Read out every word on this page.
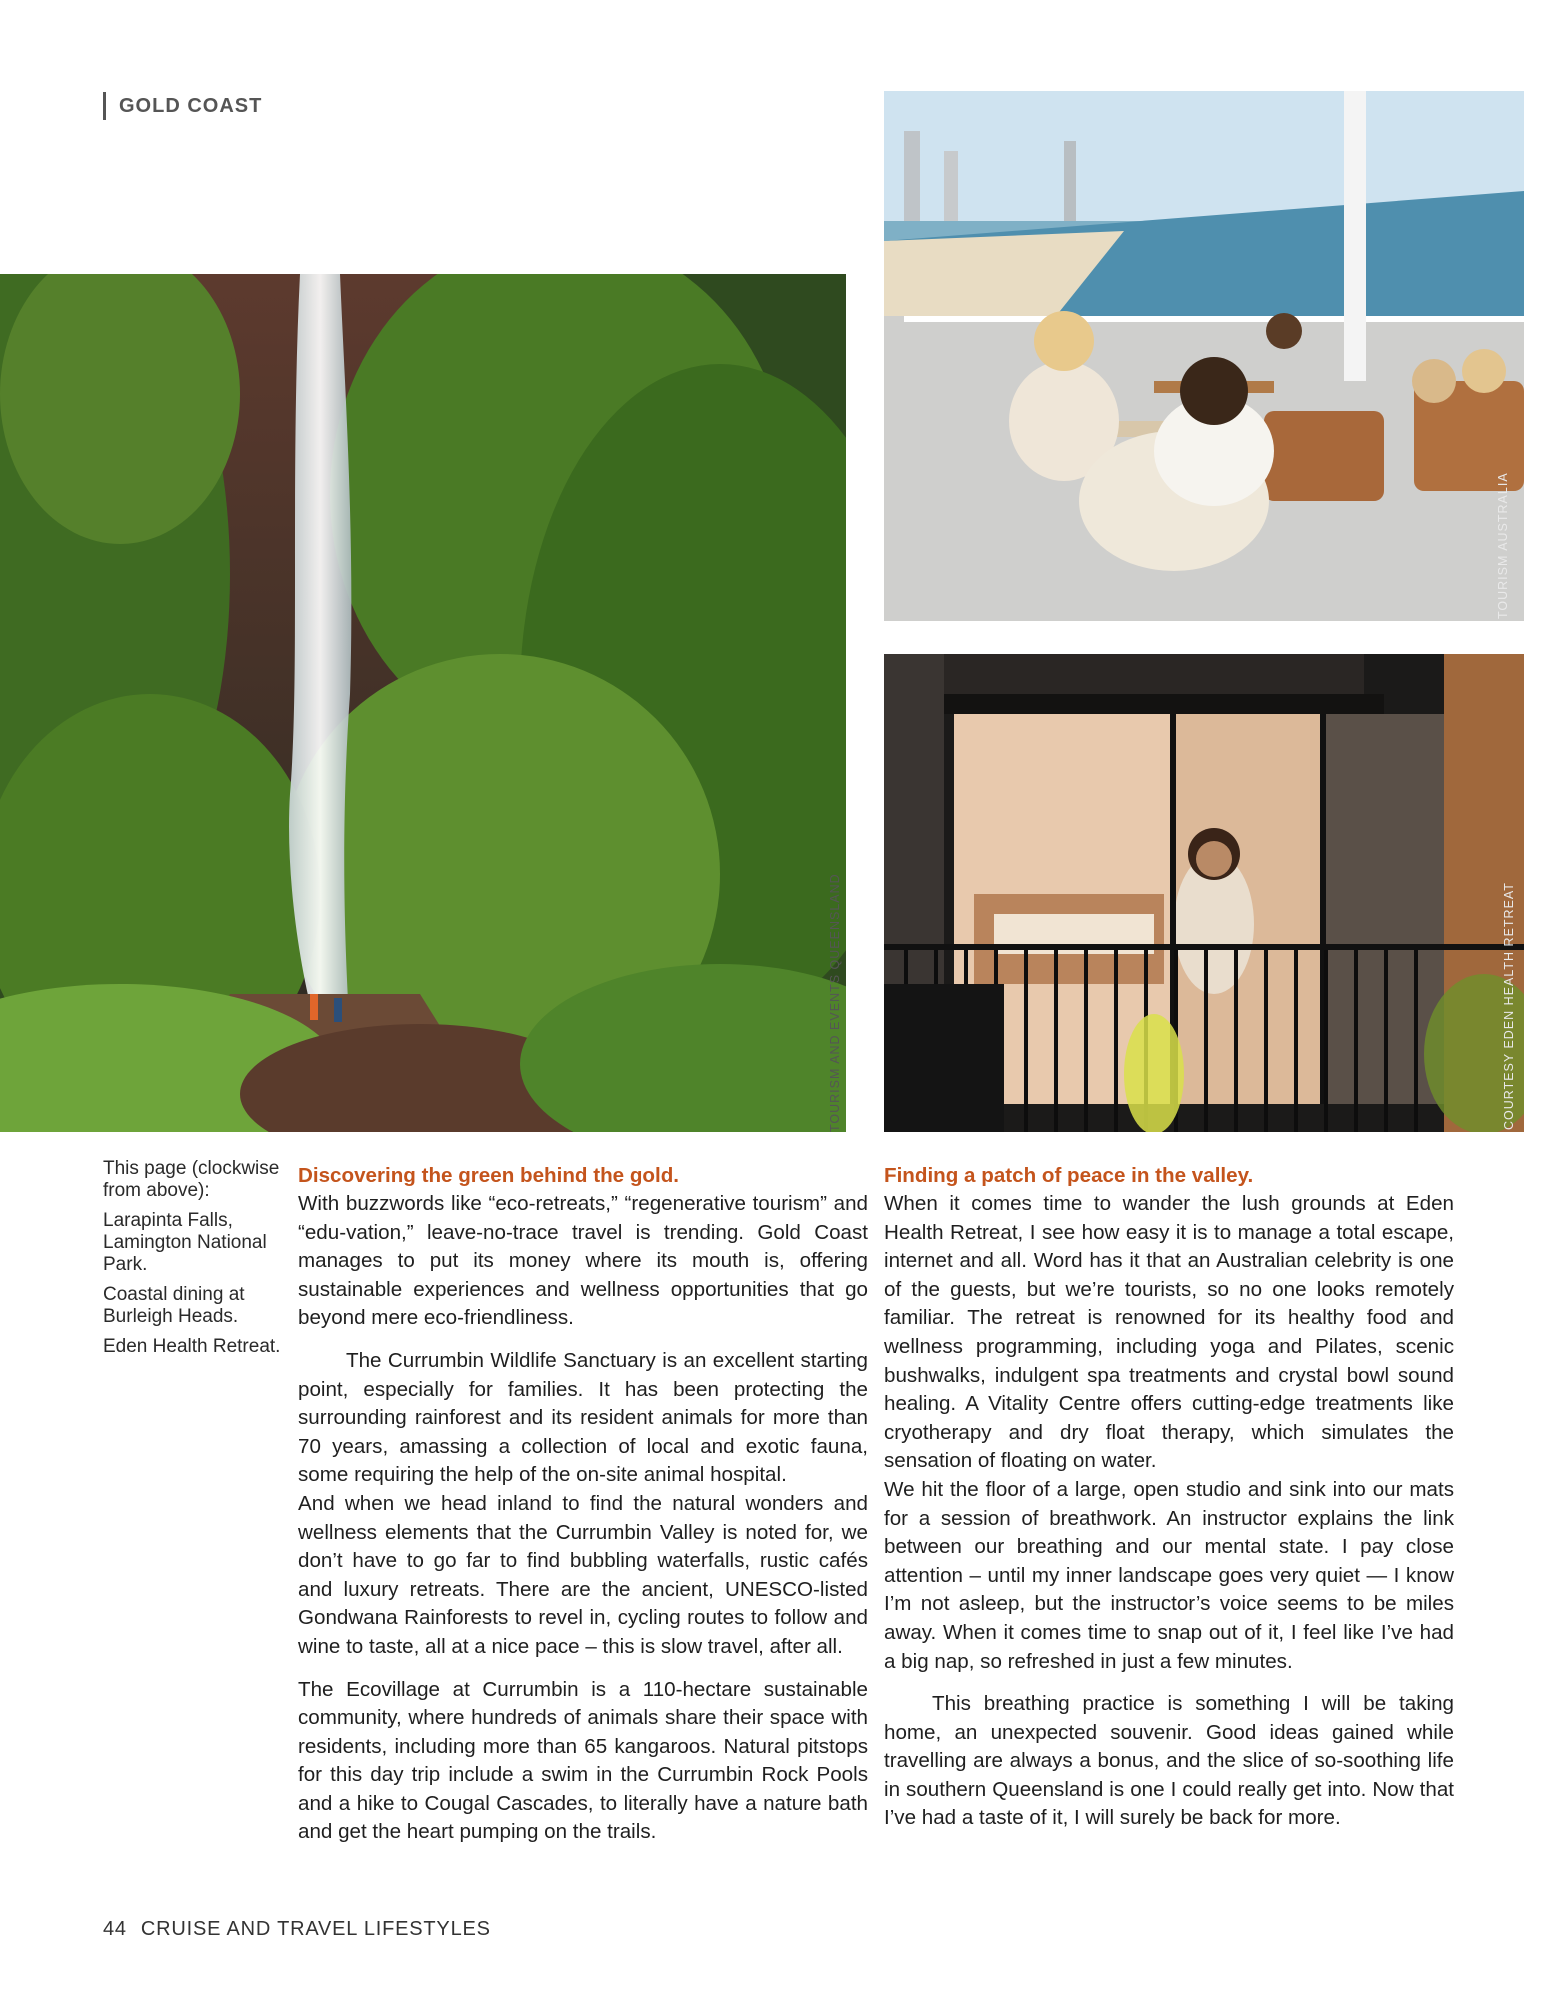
GOLD COAST
TOURISM AND EVENTS QUEENSLAND
TOURISM AUSTRALIA
COURTESY EDEN HEALTH RETREAT

This page (clockwise from above):

Larapinta Falls, Lamington National Park.

Coastal dining at Burleigh Heads.

Eden Health Retreat.

Discovering the green behind the gold.

With buzzwords like “eco-retreats,” “regenerative tourism” and “edu-vation,” leave-no-trace travel is trending. Gold Coast manages to put its money where its mouth is, offering sustainable experiences and wellness opportunities that go beyond mere eco-friendliness.

The Currumbin Wildlife Sanctuary is an excellent starting point, especially for families. It has been protecting the surrounding rainforest and its resident animals for more than 70 years, amassing a collection of local and exotic fauna, some requiring the help of the on-site animal hospital.

And when we head inland to find the natural wonders and wellness elements that the Currumbin Valley is noted for, we don’t have to go far to find bubbling waterfalls, rustic cafés and luxury retreats. There are the ancient, UNESCO-listed Gondwana Rainforests to revel in, cycling routes to follow and wine to taste, all at a nice pace – this is slow travel, after all.

The Ecovillage at Currumbin is a 110-hectare sustainable community, where hundreds of animals share their space with residents, including more than 65 kangaroos. Natural pitstops for this day trip include a swim in the Currumbin Rock Pools and a hike to Cougal Cascades, to literally have a nature bath and get the heart pumping on the trails.

Finding a patch of peace in the valley.

When it comes time to wander the lush grounds at Eden Health Retreat, I see how easy it is to manage a total escape, internet and all. Word has it that an Australian celebrity is one of the guests, but we’re tourists, so no one looks remotely familiar. The retreat is renowned for its healthy food and wellness programming, including yoga and Pilates, scenic bushwalks, indulgent spa treatments and crystal bowl sound healing. A Vitality Centre offers cutting-edge treatments like cryotherapy and dry float therapy, which simulates the sensation of floating on water.

We hit the floor of a large, open studio and sink into our mats for a session of breathwork. An instructor explains the link between our breathing and our mental state. I pay close attention – until my inner landscape goes very quiet — I know I’m not asleep, but the instructor’s voice seems to be miles away. When it comes time to snap out of it, I feel like I’ve had a big nap, so refreshed in just a few minutes.

This breathing practice is something I will be taking home, an unexpected souvenir. Good ideas gained while travelling are always a bonus, and the slice of so-soothing life in southern Queensland is one I could really get into. Now that I’ve had a taste of it, I will surely be back for more.

44 CRUISE AND TRAVEL LIFESTYLES
